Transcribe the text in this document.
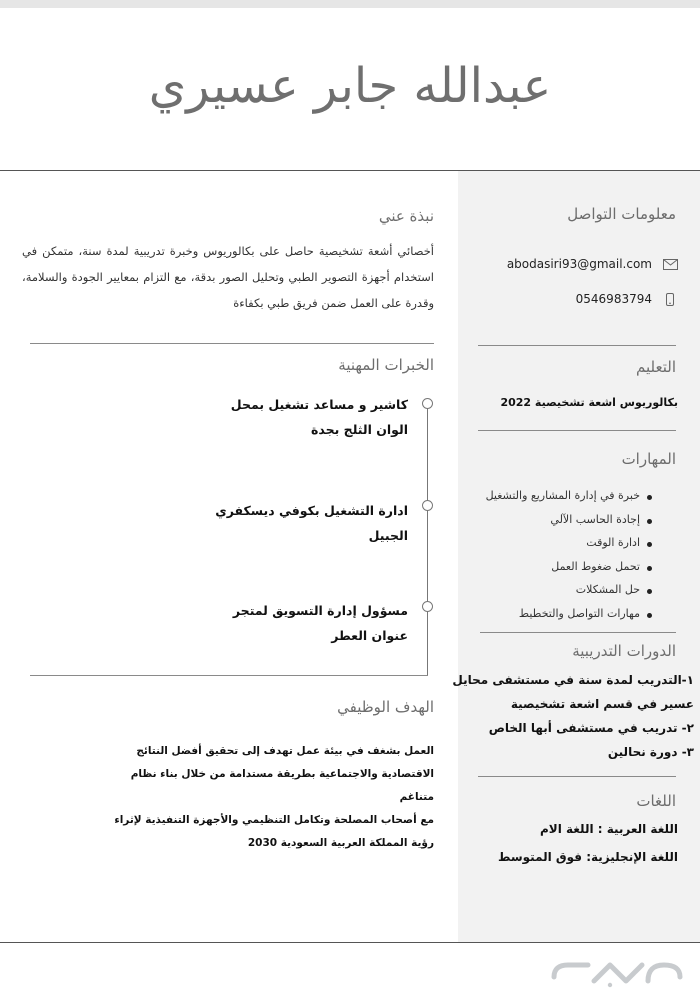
عبدالله جابر عسيري
معلومات التواصل
abodasiri93@gmail.com
0546983794
التعليم
بكالوريوس اشعة تشخيصية 2022
المهارات
خبرة في إدارة المشاريع والتشغيل
إجادة الحاسب الآلي
ادارة الوقت
تحمل ضغوط العمل
حل المشكلات
مهارات التواصل والتخطيط
الدورات التدريبية
١-التدريب لمدة سنة في مستشفى محايل
عسير في قسم اشعة تشخيصية
٢- تدريب في مستشفى أبها الخاص
٣- دورة نحالين
اللغات
اللغة العربية : اللغة الام
اللغة الإنجليزية: فوق المتوسط
نبذة عني

أخصائي أشعة تشخيصية حاصل على بكالوريوس وخبرة تدريبية لمدة سنة، متمكن في استخدام أجهزة التصوير الطبي وتحليل الصور بدقة، مع التزام بمعايير الجودة والسلامة، وقدرة على العمل ضمن فريق طبي بكفاءة

الخبرات المهنية
كاشير و مساعد تشغيل بمحل
الوان الثلج بجدة
ادارة التشغيل بكوفي ديسكفري
الجبيل
مسؤول إدارة التسويق لمتجر
عنوان العطر
الهدف الوظيفي
العمل بشغف في بيئة عمل تهدف إلى تحقيق أفضل النتائج
الاقتصادية والاجتماعية بطريقة مستدامة من خلال بناء نظام متناغم
مع أصحاب المصلحة وتكامل التنظيمي والأجهزة التنفيذية لإثراء
رؤية المملكة العربية السعودية 2030
